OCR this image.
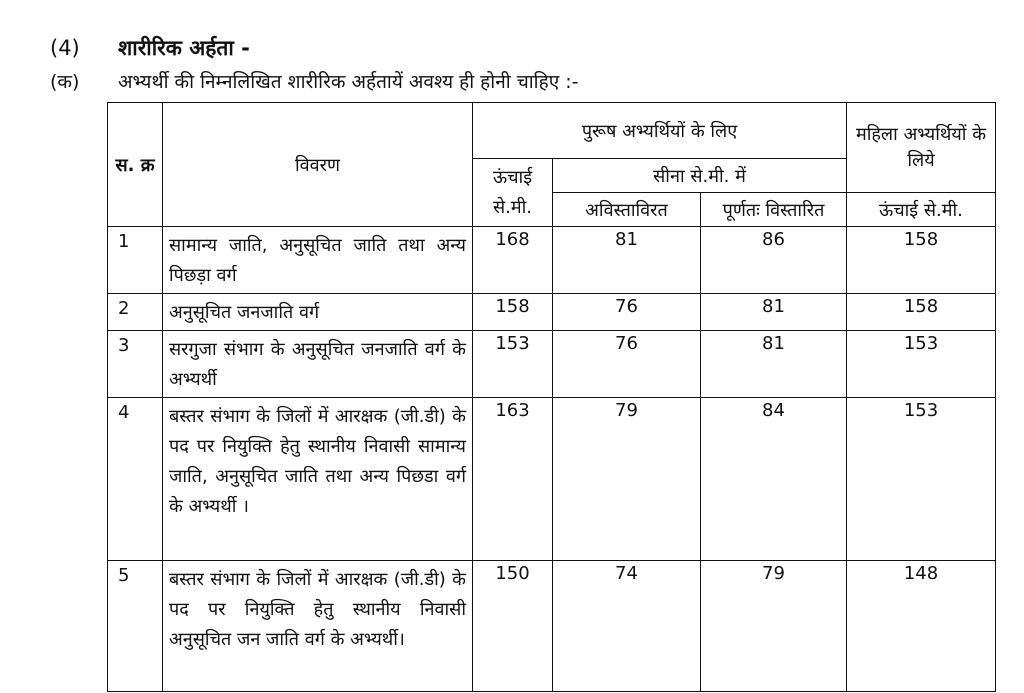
(4) शारीरिक अर्हता -
(क) अभ्यर्थी की निम्नलिखित शारीरिक अर्हतायें अवश्य ही होनी चाहिए :-
स. क्र	विवरण	पुरूष अभ्यर्थियों के लिए			महिला अभ्यर्थियों के लिये
		ऊंचाई से.मी.	सीना से.मी. में		
			अविस्ताविरत	पूर्णतः विस्तारित	ऊंचाई से.मी.
1	सामान्य जाति, अनुसूचित जाति तथा अन्य पिछड़ा वर्ग	168	81	86	158
2	अनुसूचित जनजाति वर्ग	158	76	81	158
3	सरगुजा संभाग के अनुसूचित जनजाति वर्ग के अभ्यर्थी	153	76	81	153
4	बस्तर संभाग के जिलों में आरक्षक (जी.डी) के पद पर नियुक्ति हेतु स्थानीय निवासी सामान्य जाति, अनुसूचित जाति तथा अन्य पिछडा वर्ग के अभ्यर्थी ।	163	79	84	153
5	बस्तर संभाग के जिलों में आरक्षक (जी.डी) के पद पर नियुक्ति हेतु स्थानीय निवासी अनुसूचित जन जाति वर्ग के अभ्यर्थी।	150	74	79	148
